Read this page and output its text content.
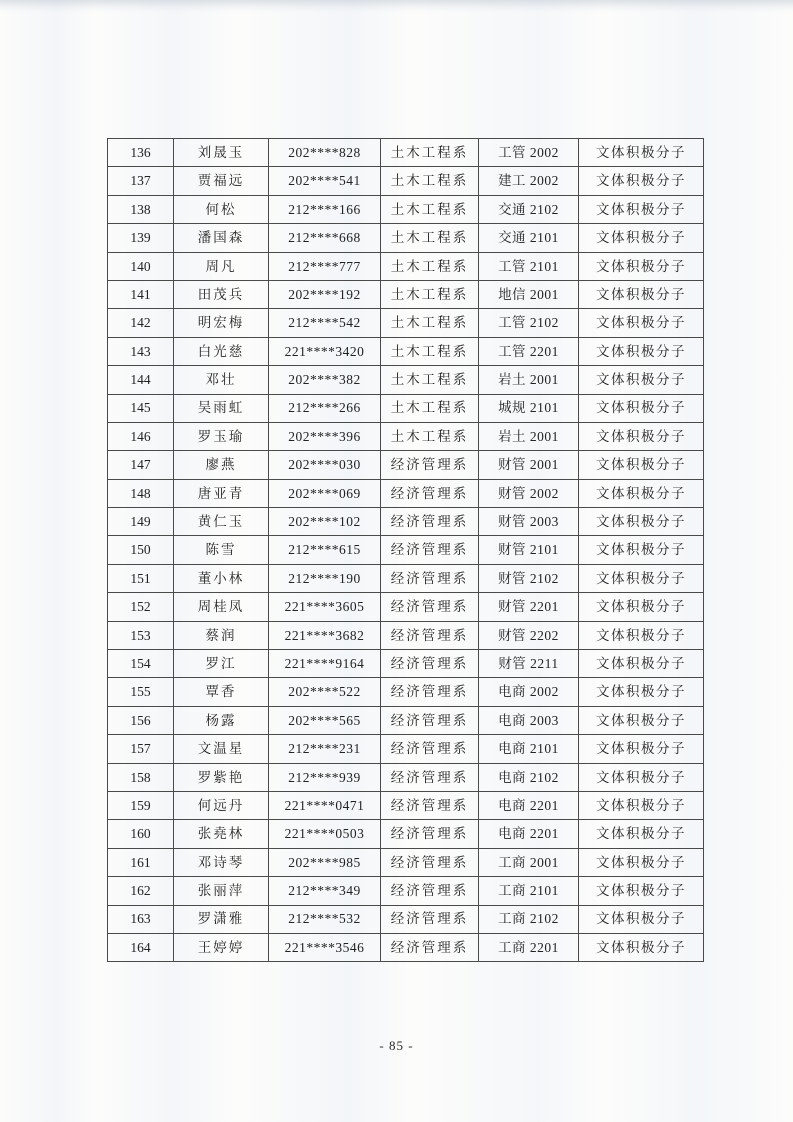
136	刘晟玉	202****828	土木工程系	工管 2002	文体积极分子
137	贾福远	202****541	土木工程系	建工 2002	文体积极分子
138	何松	212****166	土木工程系	交通 2102	文体积极分子
139	潘国森	212****668	土木工程系	交通 2101	文体积极分子
140	周凡	212****777	土木工程系	工管 2101	文体积极分子
141	田茂兵	202****192	土木工程系	地信 2001	文体积极分子
142	明宏梅	212****542	土木工程系	工管 2102	文体积极分子
143	白光慈	221****3420	土木工程系	工管 2201	文体积极分子
144	邓壮	202****382	土木工程系	岩土 2001	文体积极分子
145	吴雨虹	212****266	土木工程系	城规 2101	文体积极分子
146	罗玉瑜	202****396	土木工程系	岩土 2001	文体积极分子
147	廖燕	202****030	经济管理系	财管 2001	文体积极分子
148	唐亚青	202****069	经济管理系	财管 2002	文体积极分子
149	黄仁玉	202****102	经济管理系	财管 2003	文体积极分子
150	陈雪	212****615	经济管理系	财管 2101	文体积极分子
151	董小林	212****190	经济管理系	财管 2102	文体积极分子
152	周桂凤	221****3605	经济管理系	财管 2201	文体积极分子
153	蔡润	221****3682	经济管理系	财管 2202	文体积极分子
154	罗江	221****9164	经济管理系	财管 2211	文体积极分子
155	覃香	202****522	经济管理系	电商 2002	文体积极分子
156	杨露	202****565	经济管理系	电商 2003	文体积极分子
157	文温星	212****231	经济管理系	电商 2101	文体积极分子
158	罗紫艳	212****939	经济管理系	电商 2102	文体积极分子
159	何远丹	221****0471	经济管理系	电商 2201	文体积极分子
160	张堯林	221****0503	经济管理系	电商 2201	文体积极分子
161	邓诗琴	202****985	经济管理系	工商 2001	文体积极分子
162	张丽萍	212****349	经济管理系	工商 2101	文体积极分子
163	罗潇雅	212****532	经济管理系	工商 2102	文体积极分子
164	王婷婷	221****3546	经济管理系	工商 2201	文体积极分子
- 85 -
